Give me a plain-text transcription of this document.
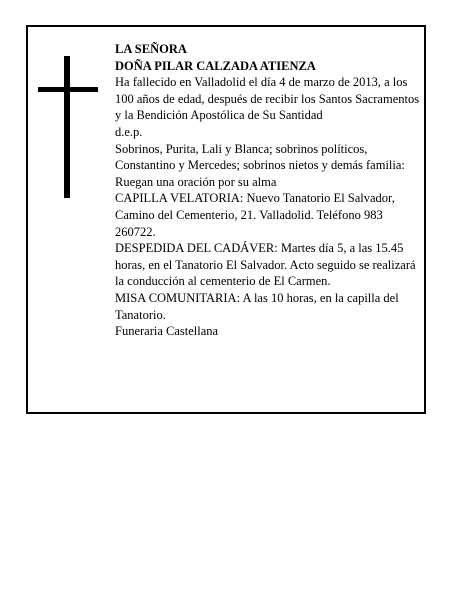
LA SEÑORA

DOÑA PILAR CALZADA ATIENZA

Ha fallecido en Valladolid el día 4 de marzo de 2013, a los 100 años de edad, después de recibir los Santos Sacramentos y la Bendición Apostólica de Su Santidad

d.e.p.

Sobrinos, Purita, Lali y Blanca; sobrinos políticos, Constantino y Mercedes; sobrinos nietos y demás familia:

Ruegan una oración por su alma

CAPILLA VELATORIA: Nuevo Tanatorio El Salvador, Camino del Cementerio, 21. Valladolid. Teléfono 983 260722.

DESPEDIDA DEL CADÁVER: Martes día 5, a las 15.45 horas, en el Tanatorio El Salvador. Acto seguido se realizará la conducción al cementerio de El Carmen.

MISA COMUNITARIA: A las 10 horas, en la capilla del Tanatorio.

Funeraria Castellana
